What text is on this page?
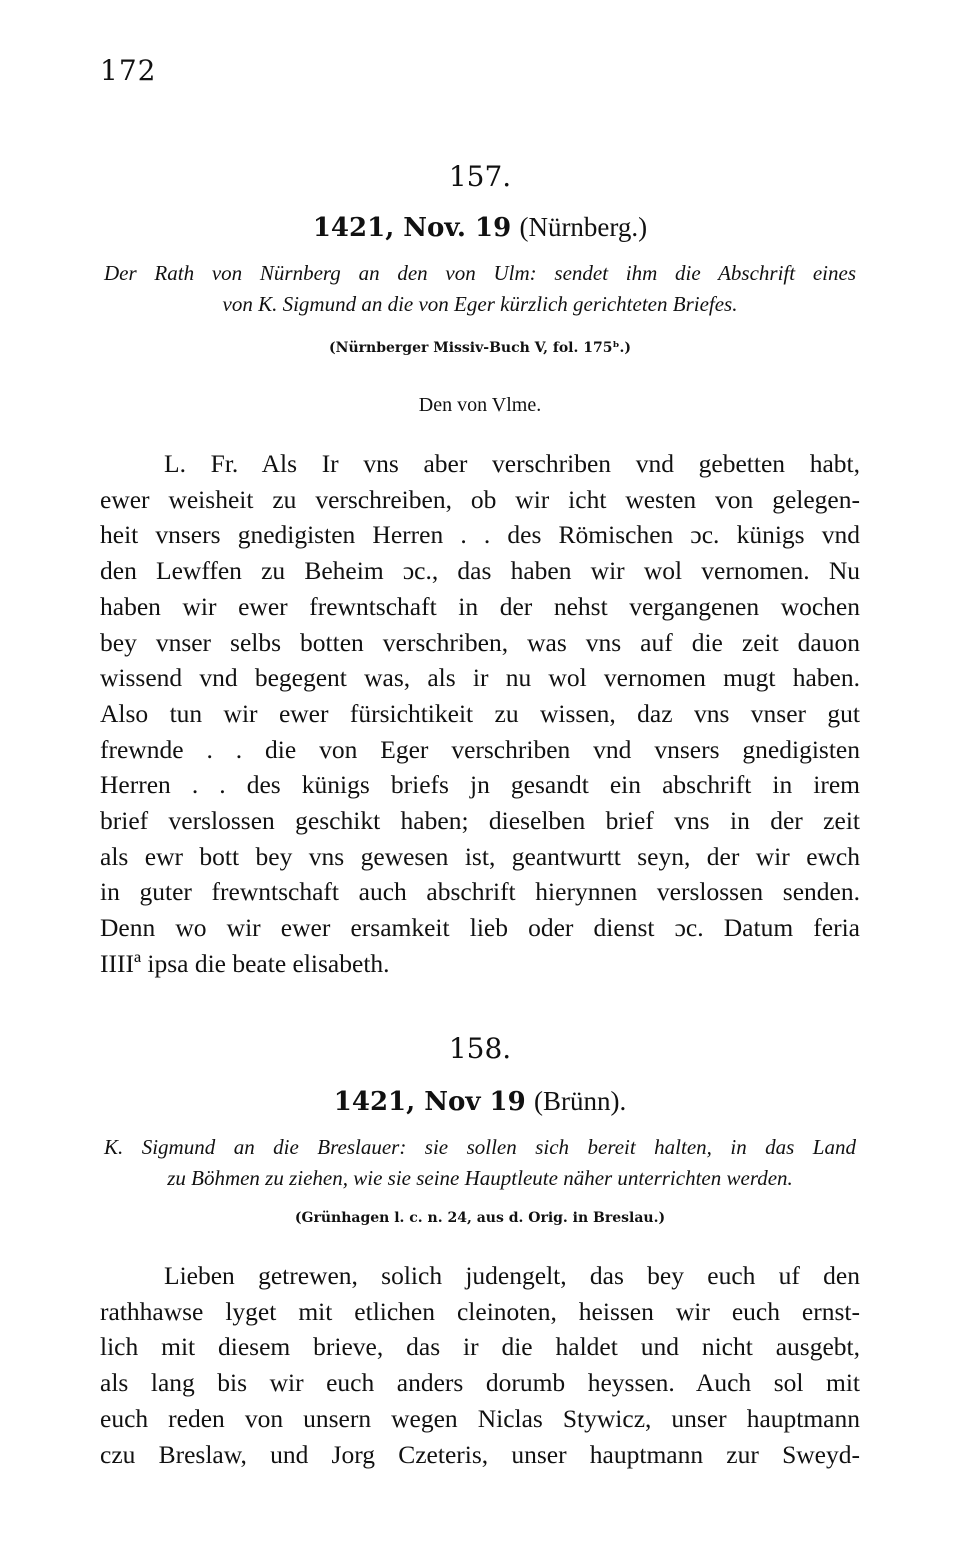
172

157.

1421, Nov. 19 (Nürnberg.)

Der Rath von Nürnberg an den von Ulm: sendet ihm die Abschrift eines
von K. Sigmund an die von Eger kürzlich gerichteten Briefes.

(Nürnberger Missiv-Buch V, fol. 175ᵇ.)

Den von Vlme.

L. Fr. Als Ir vns aber verschriben vnd gebetten habt,
ewer weisheit zu verschreiben, ob wir icht westen von gelegen-
heit vnsers gnedigisten Herren . . des Römischen ɔc. künigs vnd
den Lewffen zu Beheim ɔc., das haben wir wol vernomen. Nu
haben wir ewer frewntschaft in der nehst vergangenen wochen
bey vnser selbs botten verschriben, was vns auf die zeit dauon
wissend vnd begegent was, als ir nu wol vernomen mugt haben.
Also tun wir ewer fürsichtikeit zu wissen, daz vns vnser gut
frewnde . . die von Eger verschriben vnd vnsers gnedigisten
Herren . . des künigs briefs jn gesandt ein abschrift in irem
brief verslossen geschikt haben; dieselben brief vns in der zeit
als ewr bott bey vns gewesen ist, geantwurtt seyn, der wir ewch
in guter frewntschaft auch abschrift hierynnen verslossen senden.
Denn wo wir ewer ersamkeit lieb oder dienst ɔc. Datum feria
IIIIª ipsa die beate elisabeth.

158.

1421, Nov 19 (Brünn).

K. Sigmund an die Breslauer: sie sollen sich bereit halten, in das Land
zu Böhmen zu ziehen, wie sie seine Hauptleute näher unterrichten werden.

(Grünhagen l. c. n. 24, aus d. Orig. in Breslau.)

Lieben getrewen, solich judengelt, das bey euch uf den
rathhawse lyget mit etlichen cleinoten, heissen wir euch ernst-
lich mit diesem brieve, das ir die haldet und nicht ausgebt,
als lang bis wir euch anders dorumb heyssen. Auch sol mit
euch reden von unsern wegen Niclas Stywicz, unser hauptmann
czu Breslaw, und Jorg Czeteris, unser hauptmann zur Sweyd-
